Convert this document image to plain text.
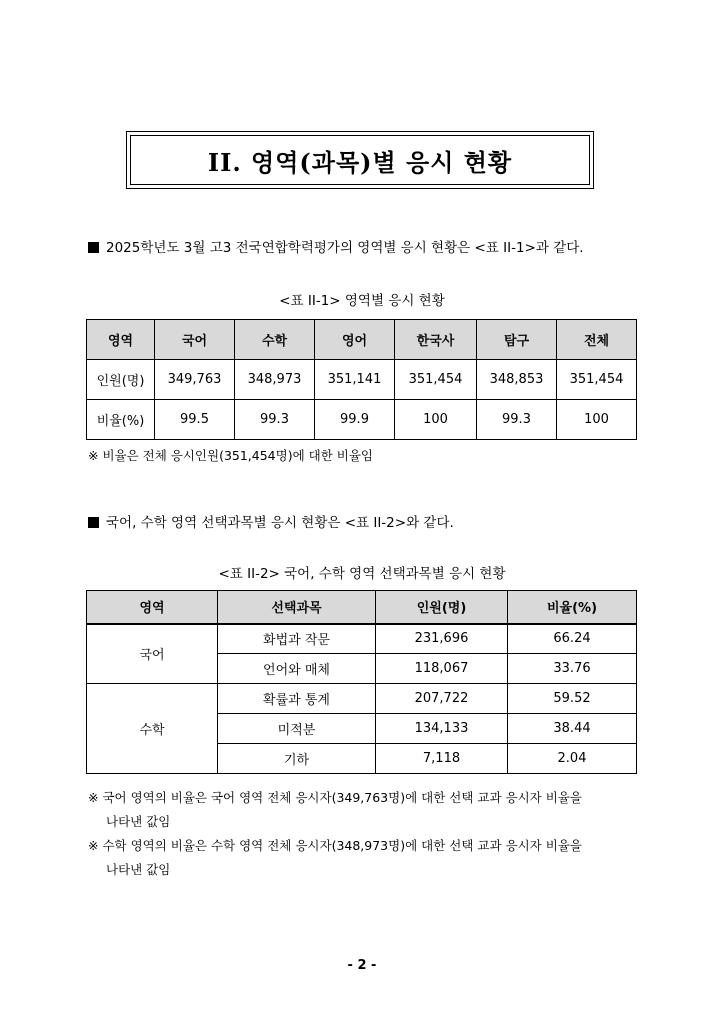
II. 영역(과목)별 응시 현황
2025학년도 3월 고3 전국연합학력평가의 영역별 응시 현황은 <표 II-1>과 같다.
<표 II-1> 영역별 응시 현황
영역	국어	수학	영어	한국사	탐구	전체
인원(명)	349,763	348,973	351,141	351,454	348,853	351,454
비율(%)	99.5	99.3	99.9	100	99.3	100
※ 비율은 전체 응시인원(351,454명)에 대한 비율임
국어, 수학 영역 선택과목별 응시 현황은 <표 II-2>와 같다.
<표 II-2> 국어, 수학 영역 선택과목별 응시 현황
영역	선택과목	인원(명)	비율(%)
국어	화법과 작문	231,696	66.24
	언어와 매체	118,067	33.76
수학	확률과 통계	207,722	59.52
	미적분	134,133	38.44
	기하	7,118	2.04
※ 국어 영역의 비율은 국어 영역 전체 응시자(349,763명)에 대한 선택 교과 응시자 비율을
나타낸 값임
※ 수학 영역의 비율은 수학 영역 전체 응시자(348,973명)에 대한 선택 교과 응시자 비율을
나타낸 값임
- 2 -
